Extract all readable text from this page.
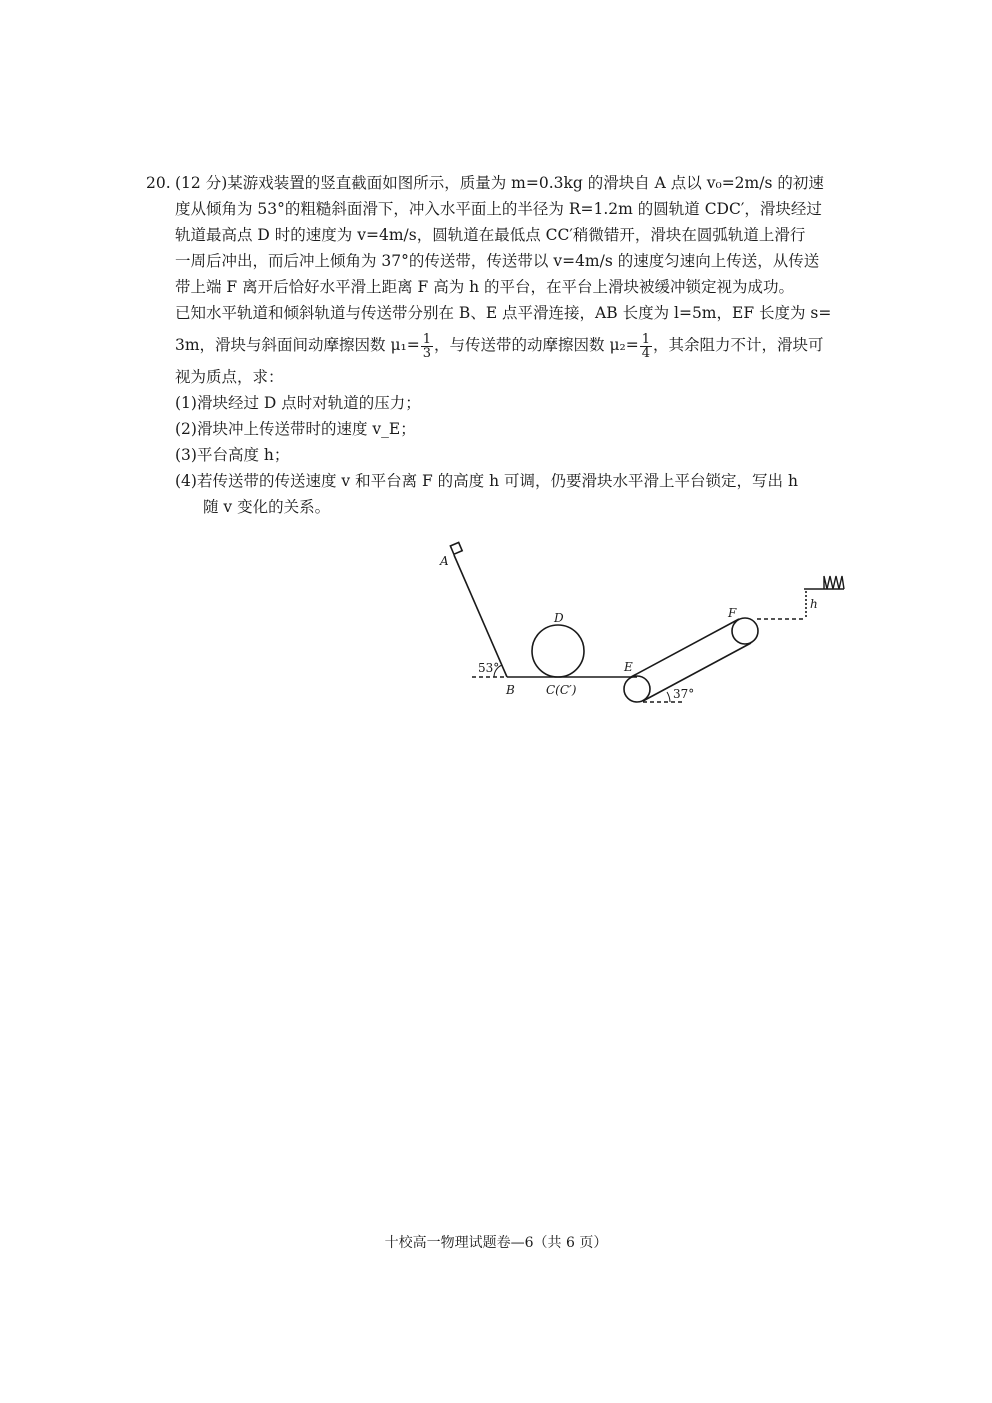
20. (12 分)某游戏装置的竖直截面如图所示，质量为 m=0.3kg 的滑块自 A 点以 v₀=2m/s 的初速
度从倾角为 53°的粗糙斜面滑下，冲入水平面上的半径为 R=1.2m 的圆轨道 CDC′，滑块经过
轨道最高点 D 时的速度为 v=4m/s，圆轨道在最低点 CC′稍微错开，滑块在圆弧轨道上滑行
一周后冲出，而后冲上倾角为 37°的传送带，传送带以 v=4m/s 的速度匀速向上传送，从传送
带上端 F 离开后恰好水平滑上距离 F 高为 h 的平台，在平台上滑块被缓冲锁定视为成功。
已知水平轨道和倾斜轨道与传送带分别在 B、E 点平滑连接，AB 长度为 l=5m，EF 长度为 s=
3m，滑块与斜面间动摩擦因数 $\mu_1= \frac{1}{3}$ ，与传送带的动摩擦因数 $\mu_2= \frac{1}{4}$ ，其余阻力不计，滑块可
视为质点，求：
(1)滑块经过 D 点时对轨道的压力；
(2)滑块冲上传送带时的速度 v_E；
(3)平台高度 h；
(4)若传送带的传送速度 v 和平台离 F 的高度 h 可调，仍要滑块水平滑上平台锁定，写出 h
随 v 变化的关系。
A
B	C(C′)
D
E
F
h
53°
37°
十校高一物理试题卷—6（共 6 页）
